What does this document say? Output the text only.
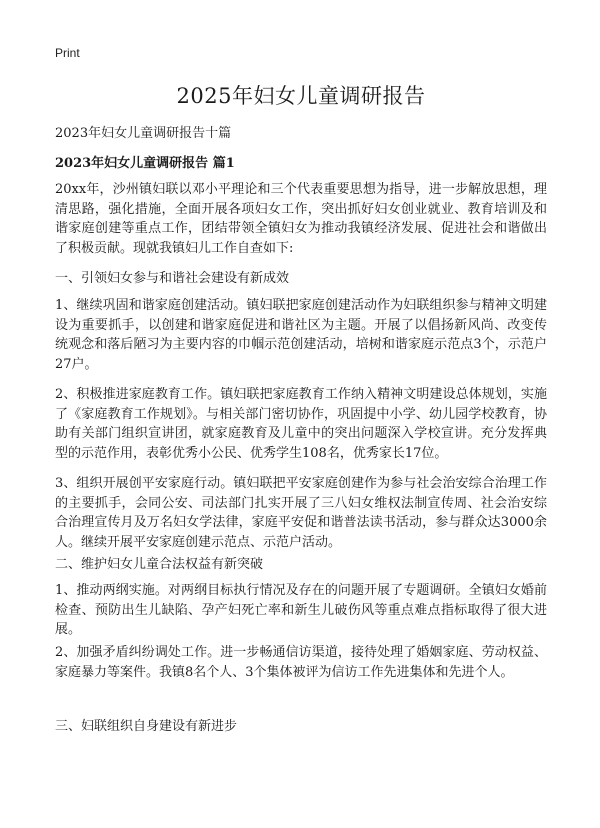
Print
2025年妇女儿童调研报告

2023年妇女儿童调研报告十篇

2023年妇女儿童调研报告 篇1

20xx年，沙州镇妇联以邓小平理论和三个代表重要思想为指导，进一步解放思想，理清思路，强化措施，全面开展各项妇女工作，突出抓好妇女创业就业、教育培训及和谐家庭创建等重点工作，团结带领全镇妇女为推动我镇经济发展、促进社会和谐做出了积极贡献。现就我镇妇儿工作自查如下:

一、引领妇女参与和谐社会建设有新成效

1、继续巩固和谐家庭创建活动。镇妇联把家庭创建活动作为妇联组织参与精神文明建设为重要抓手，以创建和谐家庭促进和谐社区为主题。开展了以倡扬新风尚、改变传统观念和落后陋习为主要内容的巾帼示范创建活动，培树和谐家庭示范点3个，示范户27户。

2、积极推进家庭教育工作。镇妇联把家庭教育工作纳入精神文明建设总体规划，实施了《家庭教育工作规划》。与相关部门密切协作，巩固提中小学、幼儿园学校教育，协助有关部门组织宣讲团，就家庭教育及儿童中的突出问题深入学校宣讲。充分发挥典型的示范作用，表彰优秀小公民、优秀学生108名，优秀家长17位。

3、组织开展创平安家庭行动。镇妇联把平安家庭创建作为参与社会治安综合治理工作的主要抓手，会同公安、司法部门扎实开展了三八妇女维权法制宣传周、社会治安综合治理宣传月及万名妇女学法律，家庭平安促和谐普法读书活动，参与群众达3000余人。继续开展平安家庭创建示范点、示范户活动。

二、维护妇女儿童合法权益有新突破

1、推动两纲实施。对两纲目标执行情况及存在的问题开展了专题调研。全镇妇女婚前检查、预防出生儿缺陷、孕产妇死亡率和新生儿破伤风等重点难点指标取得了很大进展。

2、加强矛盾纠纷调处工作。进一步畅通信访渠道，接待处理了婚姻家庭、劳动权益、家庭暴力等案件。我镇8名个人、3个集体被评为信访工作先进集体和先进个人。

三、妇联组织自身建设有新进步
